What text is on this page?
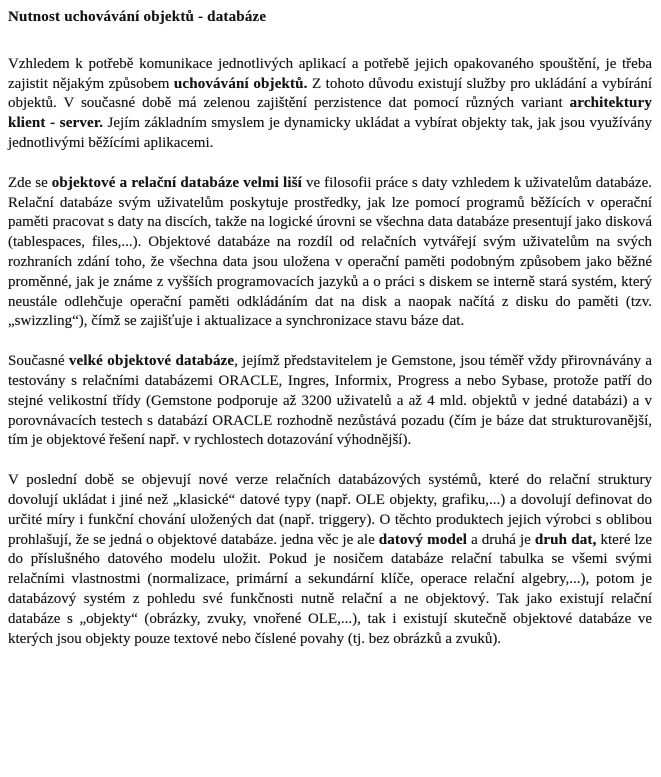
Nutnost uchovávání objektů - databáze

Vzhledem k potřebě komunikace jednotlivých aplikací a potřebě jejich opakovaného spouštění, je třeba zajistit nějakým způsobem uchovávání objektů. Z tohoto důvodu existují služby pro ukládání a vybírání objektů. V současné době má zelenou zajištění perzistence dat pomocí různých variant architektury klient - server. Jejím základním smyslem je dynamicky ukládat a vybírat objekty tak, jak jsou využívány jednotlivými běžícími aplikacemi.

Zde se objektové a relační databáze velmi liší ve filosofii práce s daty vzhledem k uživatelům databáze. Relační databáze svým uživatelům poskytuje prostředky, jak lze pomocí programů běžících v operační paměti pracovat s daty na discích, takže na logické úrovni se všechna data databáze presentují jako disková (tablespaces, files,...). Objektové databáze na rozdíl od relačních vytvářejí svým uživatelům na svých rozhraních zdání toho, že všechna data jsou uložena v operační paměti podobným způsobem jako běžné proměnné, jak je známe z vyšších programovacích jazyků a o práci s diskem se interně stará systém, který neustále odlehčuje operační paměti odkládáním dat na disk a naopak načítá z disku do paměti (tzv. „swizzling“), čímž se zajišťuje i aktualizace a synchronizace stavu báze dat.

Současné velké objektové databáze, jejímž představitelem je Gemstone, jsou téměř vždy přirovnávány a testovány s relačními databázemi ORACLE, Ingres, Informix, Progress a nebo Sybase, protože patří do stejné velikostní třídy (Gemstone podporuje až 3200 uživatelů a až 4 mld. objektů v jedné databázi) a v porovnávacích testech s databází ORACLE rozhodně nezůstává pozadu (čím je báze dat strukturovanější, tím je objektové řešení např. v rychlostech dotazování výhodnější).

V poslední době se objevují nové verze relačních databázových systémů, které do relační struktury dovolují ukládat i jiné než „klasické“ datové typy (např. OLE objekty, grafiku,...) a dovolují definovat do určité míry i funkční chování uložených dat (např. triggery). O těchto produktech jejich výrobci s oblibou prohlašují, že se jedná o objektové databáze. jedna věc je ale datový model a druhá je druh dat, které lze do příslušného datového modelu uložit. Pokud je nosičem databáze relační tabulka se všemi svými relačními vlastnostmi (normalizace, primární a sekundární klíče, operace relační algebry,...), potom je databázový systém z pohledu své funkčnosti nutně relační a ne objektový. Tak jako existují relační databáze s „objekty“ (obrázky, zvuky, vnořené OLE,...), tak i existují skutečně objektové databáze ve kterých jsou objekty pouze textové nebo číslené povahy (tj. bez obrázků a zvuků).
